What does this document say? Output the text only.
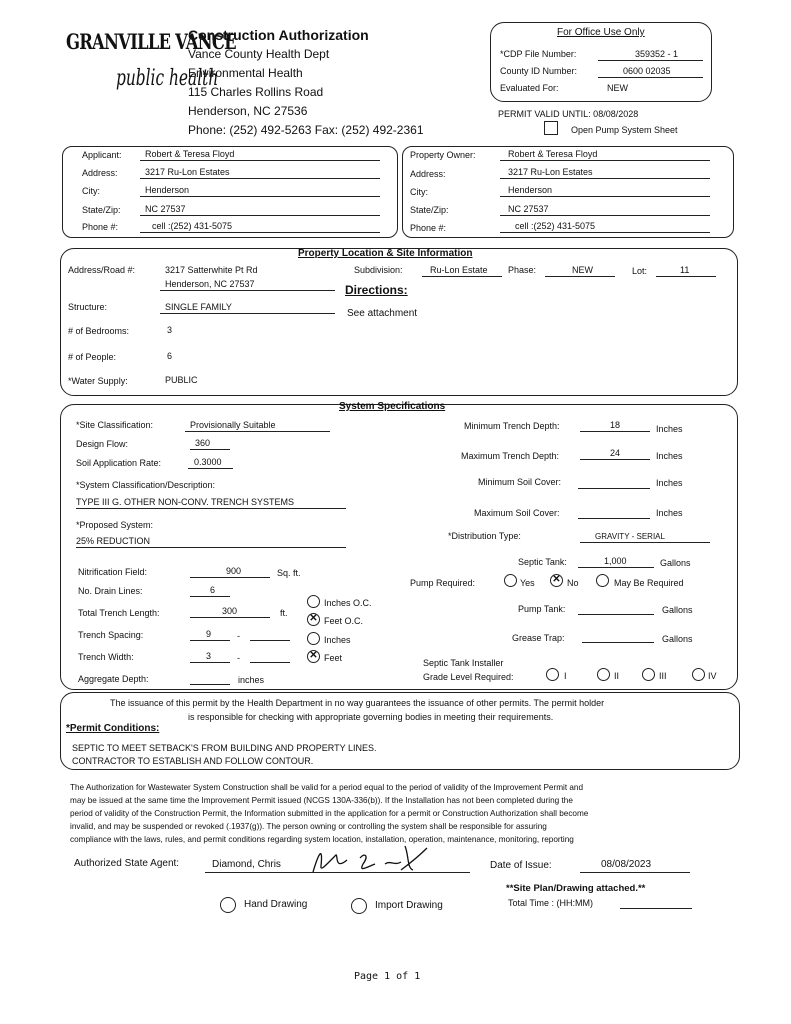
GRANVILLE VANCE
public health
Construction Authorization
Vance County Health Dept
Environmental Health
115 Charles Rollins Road
Henderson, NC 27536
Phone: (252) 492-5263 Fax: (252) 492-2361
For Office Use Only
*CDP File Number:	359352 - 1
County ID Number:	0600 02035
Evaluated For:	NEW
PERMIT VALID UNTIL: 08/08/2028
Open Pump System Sheet
Applicant:	Robert & Teresa Floyd
Address:	3217 Ru-Lon Estates
City:	Henderson
State/Zip:	NC 27537
Phone #:	cell :(252) 431-5075
Property Owner:	Robert & Teresa Floyd
Address:	3217 Ru-Lon Estates
City:	Henderson
State/Zip:	NC 27537
Phone #:	cell :(252) 431-5075
Property Location & Site Information
Address/Road #:	3217 Satterwhite Pt Rd
Henderson, NC 27537
Subdivision:	Ru-Lon Estate Phase:	NEW	Lot:	11
Directions:
See attachment
Structure:	SINGLE FAMILY
# of Bedrooms:	3
# of People:	6
*Water Supply:	PUBLIC
System Specifications
*Site Classification:	Provisionally Suitable
Design Flow:	360
Soil Application Rate:	0.3000
*System Classification/Description:
TYPE III G. OTHER NON-CONV. TRENCH SYSTEMS
*Proposed System:
25% REDUCTION
Minimum Trench Depth:	18	Inches
Maximum Trench Depth:	24	Inches
Minimum Soil Cover:	Inches
Maximum Soil Cover:	Inches
*Distribution Type:	GRAVITY - SERIAL
Septic Tank:	1,000	Gallons
Pump Required:	Yes ✕ No	May Be Required
Pump Tank:	Gallons
Grease Trap:	Gallons
Nitrification Field:	900	Sq. ft.
No. Drain Lines:	6
Total Trench Length:	300	ft.
Inches O.C.
✕ Feet O.C.
Trench Spacing:	9	-	Inches
Trench Width:	3	-	✕ Feet
Aggregate Depth:	inches
Septic Tank Installer
Grade Level Required:	I	II	III	IV
The issuance of this permit by the Health Department in no way guarantees the issuance of other permits. The permit holder
is responsible for checking with appropriate governing bodies in meeting their requirements.
*Permit Conditions:
SEPTIC TO MEET SETBACK'S FROM BUILDING AND PROPERTY LINES.
CONTRACTOR TO ESTABLISH AND FOLLOW CONTOUR.
The Authorization for Wastewater System Construction shall be valid for a period equal to the period of validity of the Improvement Permit and
may be issued at the same time the Improvement Permit issued (NCGS 130A-336(b)). If the Installation has not been completed during the
period of validity of the Construction Permit, the Information submitted in the application for a permit or Construction Authorization shall become
invalid, and may be suspended or revoked (.1937(g)). The person owning or controlling the system shall be responsible for assuring
compliance with the laws, rules, and permit conditions regarding system location, installation, operation, maintenance, monitoring, reporting
Authorized State Agent:	Diamond, Chris	Date of Issue:	08/08/2023
**Site Plan/Drawing attached.**
Total Time : (HH:MM)
Hand Drawing	Import Drawing
Page 1 of 1
